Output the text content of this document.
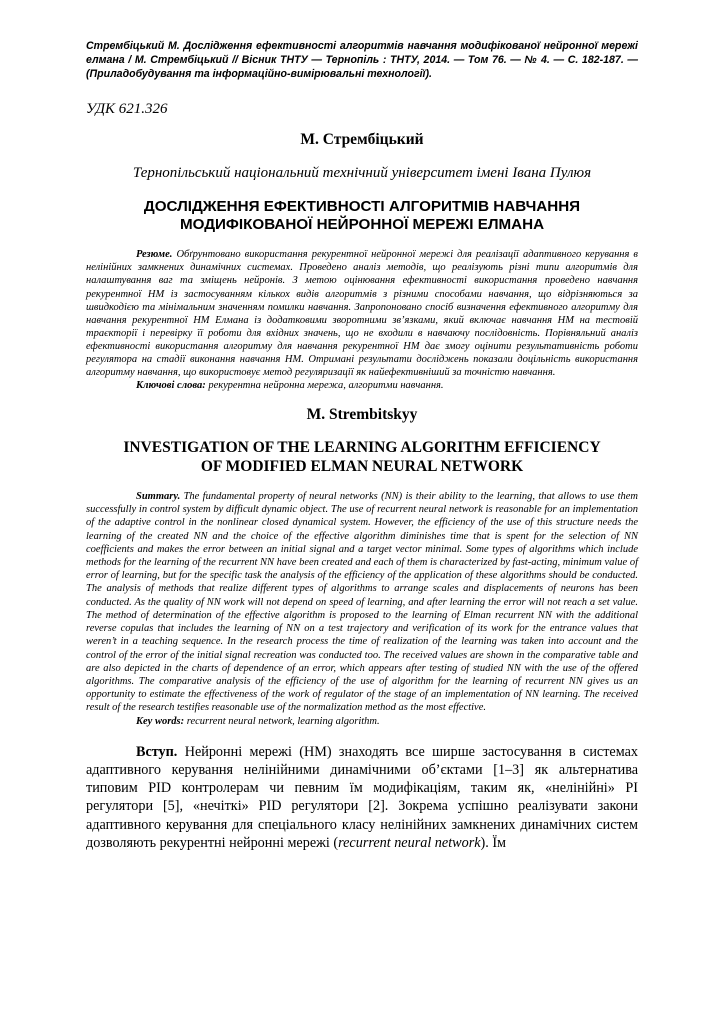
Стрембіцький М. Дослідження ефективності алгоритмів навчання модифікованої нейронної мережі елмана / М. Стрембіцький // Вісник ТНТУ — Тернопіль : ТНТУ, 2014. — Том 76. — № 4. — С. 182-187. — (Приладобудування та інформаційно-вимірювальні технології).

УДК 621.326

М. Стрембіцький

Тернопільський національний технічний університет імені Івана Пулюя

ДОСЛІДЖЕННЯ ЕФЕКТИВНОСТІ АЛГОРИТМІВ НАВЧАННЯ МОДИФІКОВАНОЇ НЕЙРОННОЇ МЕРЕЖІ ЕЛМАНА

Резюме. Обґрунтовано використання рекурентної нейронної мережі для реалізації адаптивного керування в нелінійних замкнених динамічних системах. Проведено аналіз методів, що реалізують різні типи алгоритмів для налаштування ваг та зміщень нейронів. З метою оцінювання ефективності використання проведено навчання рекурентної НМ із застосуванням кількох видів алгоритмів з різними способами навчання, що відрізняються за швидкодією та мінімальним значенням помилки навчання. Запропоновано спосіб визначення ефективного алгоритму для навчання рекурентної НМ Елмана із додатковими зворотними зв’язками, який включає навчання НМ на тестовій траєкторії і перевірку її роботи для вхідних значень, що не входили в навчаючу послідовність. Порівняльний аналіз ефективності використання алгоритму для навчання рекурентної НМ дає змогу оцінити результативність роботи регулятора на стадії виконання навчання НМ. Отримані результати досліджень показали доцільність використання алгоритму навчання, що використовує метод регуляризації як найефективніший за точністю навчання.

Ключові слова: рекурентна нейронна мережа, алгоритми навчання.

M. Strembitskyy

INVESTIGATION OF THE LEARNING ALGORITHM EFFICIENCY
OF MODIFIED ELMAN NEURAL NETWORK

Summary. The fundamental property of neural networks (NN) is their ability to the learning, that allows to use them successfully in control system by difficult dynamic object. The use of recurrent neural network is reasonable for an implementation of the adaptive control in the nonlinear closed dynamical system. However, the efficiency of the use of this structure needs the learning of the created NN and the choice of the effective algorithm diminishes time that is spent for the selection of NN coefficients and makes the error between an initial signal and a target vector minimal. Some types of algorithms which include methods for the learning of the recurrent NN have been created and each of them is characterized by fast-acting, minimum value of error of learning, but for the specific task the analysis of the efficiency of the application of these algorithms should be conducted. The analysis of methods that realize different types of algorithms to arrange scales and displacements of neurons has been conducted. As the quality of NN work will not depend on speed of learning, and after learning the error will not reach a set value. The method of determination of the effective algorithm is proposed to the learning of Elman recurrent NN with the additional reverse copulas that includes the learning of NN on a test trajectory and verification of its work for the entrance values that weren’t in a teaching sequence. In the research process the time of realization of the learning was taken into account and the control of the error of the initial signal recreation was conducted too. The received values are shown in the comparative table and are also depicted in the charts of dependence of an error, which appears after testing of studied NN with the use of the offered algorithms. The comparative analysis of the efficiency of the use of algorithm for the learning of recurrent NN gives us an opportunity to estimate the effectiveness of the work of regulator of the stage of an implementation of NN learning. The received result of the research testifies reasonable use of the normalization method as the most effective.

Key words: recurrent neural network, learning algorithm.

Вступ. Нейронні мережі (НМ) знаходять все ширше застосування в системах адаптивного керування нелінійними динамічними об’єктами [1–3] як альтернатива типовим PID контролерам чи певним їм модифікаціям, таким як, «нелінійні» PI регулятори [5], «нечіткі» PID регулятори [2]. Зокрема успішно реалізувати закони адаптивного керування для спеціального класу нелінійних замкнених динамічних систем дозволяють рекурентні нейронні мережі (recurrent neural network). Їм
